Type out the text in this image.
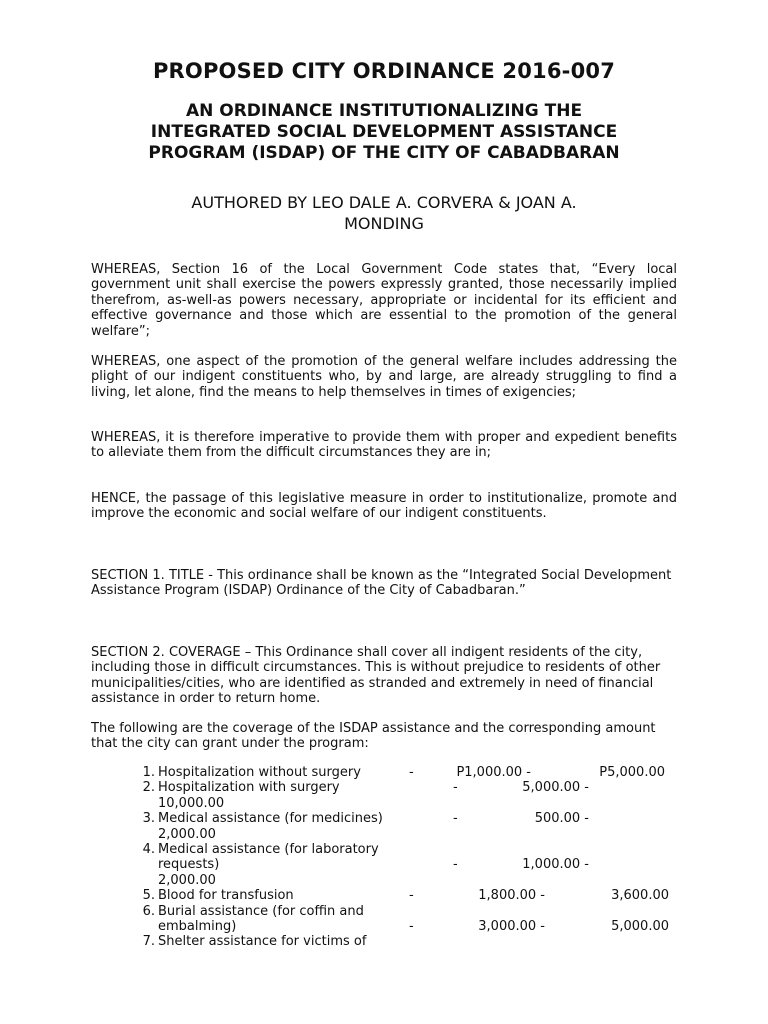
PROPOSED CITY ORDINANCE 2016-007
AN ORDINANCE INSTITUTIONALIZING THE
INTEGRATED SOCIAL DEVELOPMENT ASSISTANCE
PROGRAM (ISDAP) OF THE CITY OF CABADBARAN
AUTHORED BY LEO DALE A. CORVERA & JOAN A.
MONDING

WHEREAS, Section 16 of the Local Government Code states that, “Every local government unit shall exercise the powers expressly granted, those necessarily implied therefrom, as-well-as powers necessary, appropriate or incidental for its efficient and effective governance and those which are essential to the promotion of the general welfare”;

WHEREAS, one aspect of the promotion of the general welfare includes addressing the plight of our indigent constituents who, by and large, are already struggling to find a living, let alone, find the means to help themselves in times of exigencies;

WHEREAS, it is therefore imperative to provide them with proper and expedient benefits to alleviate them from the difficult circumstances they are in;

HENCE, the passage of this legislative measure in order to institutionalize, promote and improve the economic and social welfare of our indigent constituents.

SECTION 1. TITLE - This ordinance shall be known as the “Integrated Social Development Assistance Program (ISDAP) Ordinance of the City of Cabadbaran.”

SECTION 2. COVERAGE – This Ordinance shall cover all indigent residents of the city, including those in difficult circumstances. This is without prejudice to residents of other municipalities/cities, who are identified as stranded and extremely in need of financial assistance in order to return home.

The following are the coverage of the ISDAP assistance and the corresponding amount that the city can grant under the program:

1. Hospitalization without surgery	-	P1,000.00 -	P5,000.00
2. Hospitalization with surgery	-	5,000.00 -
10,000.00
3. Medical assistance (for medicines)	-	500.00 -
2,000.00
4. Medical assistance (for laboratory
requests)	-	1,000.00 -
2,000.00
5. Blood for transfusion	-	1,800.00 -	3,600.00
6. Burial assistance (for coffin and
embalming)	-	3,000.00 -	5,000.00
7. Shelter assistance for victims of
